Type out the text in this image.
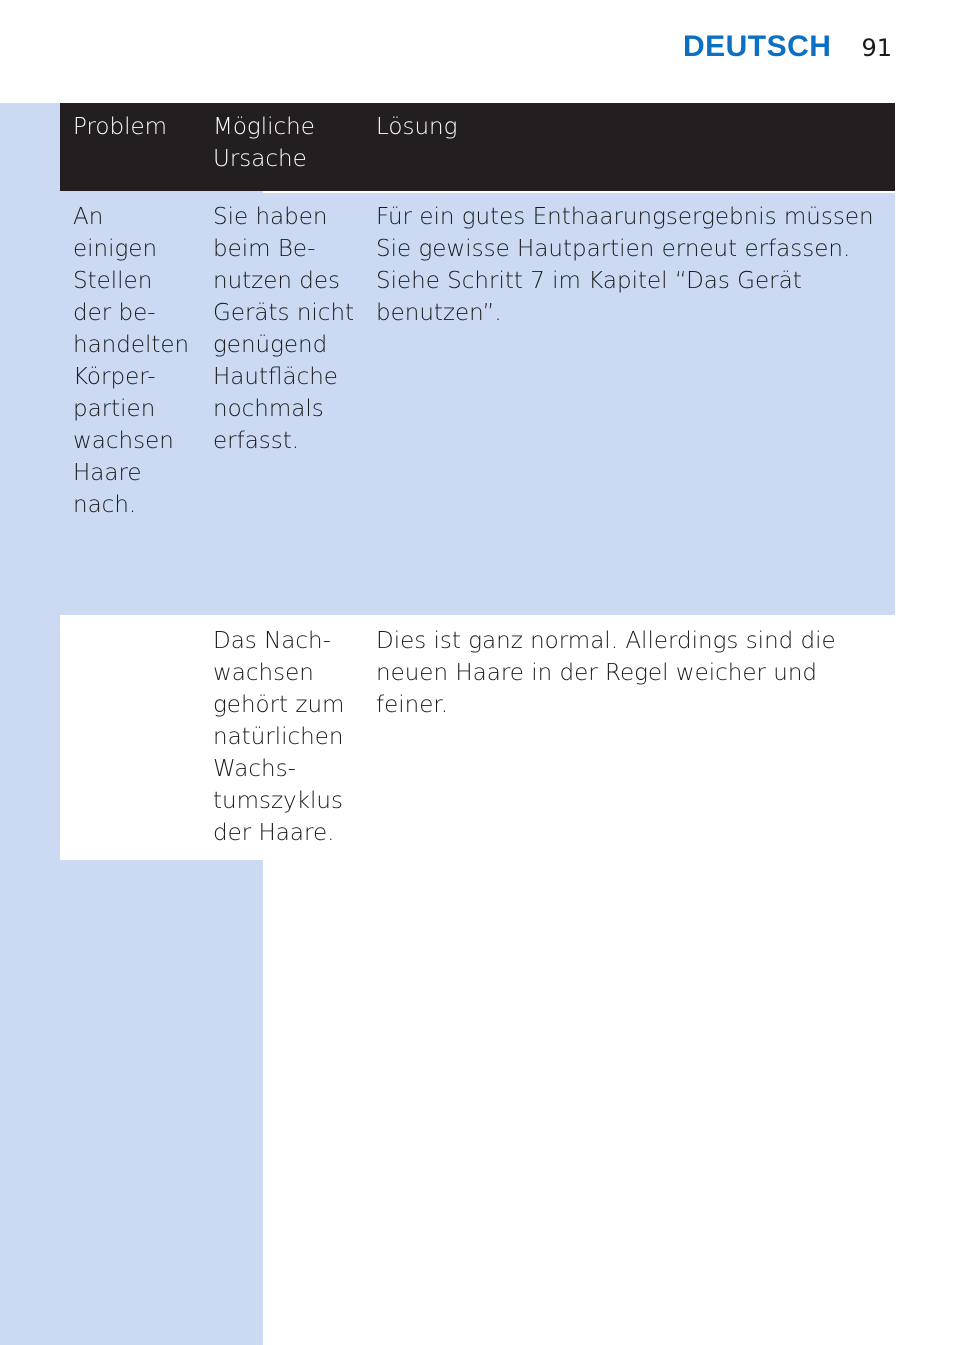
DEUTSCH 91
Problem	Mögliche
Ursache
Lösung
An
einigen
Stellen
der be-
handelten
Körper-
partien
wachsen
Haare
nach.
Sie haben
beim Be-
nutzen des
Geräts nicht
genügend
Hautfläche
nochmals
erfasst.
Für ein gutes Enthaarungsergebnis müssen
Sie gewisse Hautpartien erneut erfassen.
Siehe Schritt 7 im Kapitel “Das Gerät
benutzen”.
Das Nach-
wachsen
gehört zum
natürlichen
Wachs-
tumszyklus
der Haare.
Dies ist ganz normal. Allerdings sind die
neuen Haare in der Regel weicher und
feiner.
